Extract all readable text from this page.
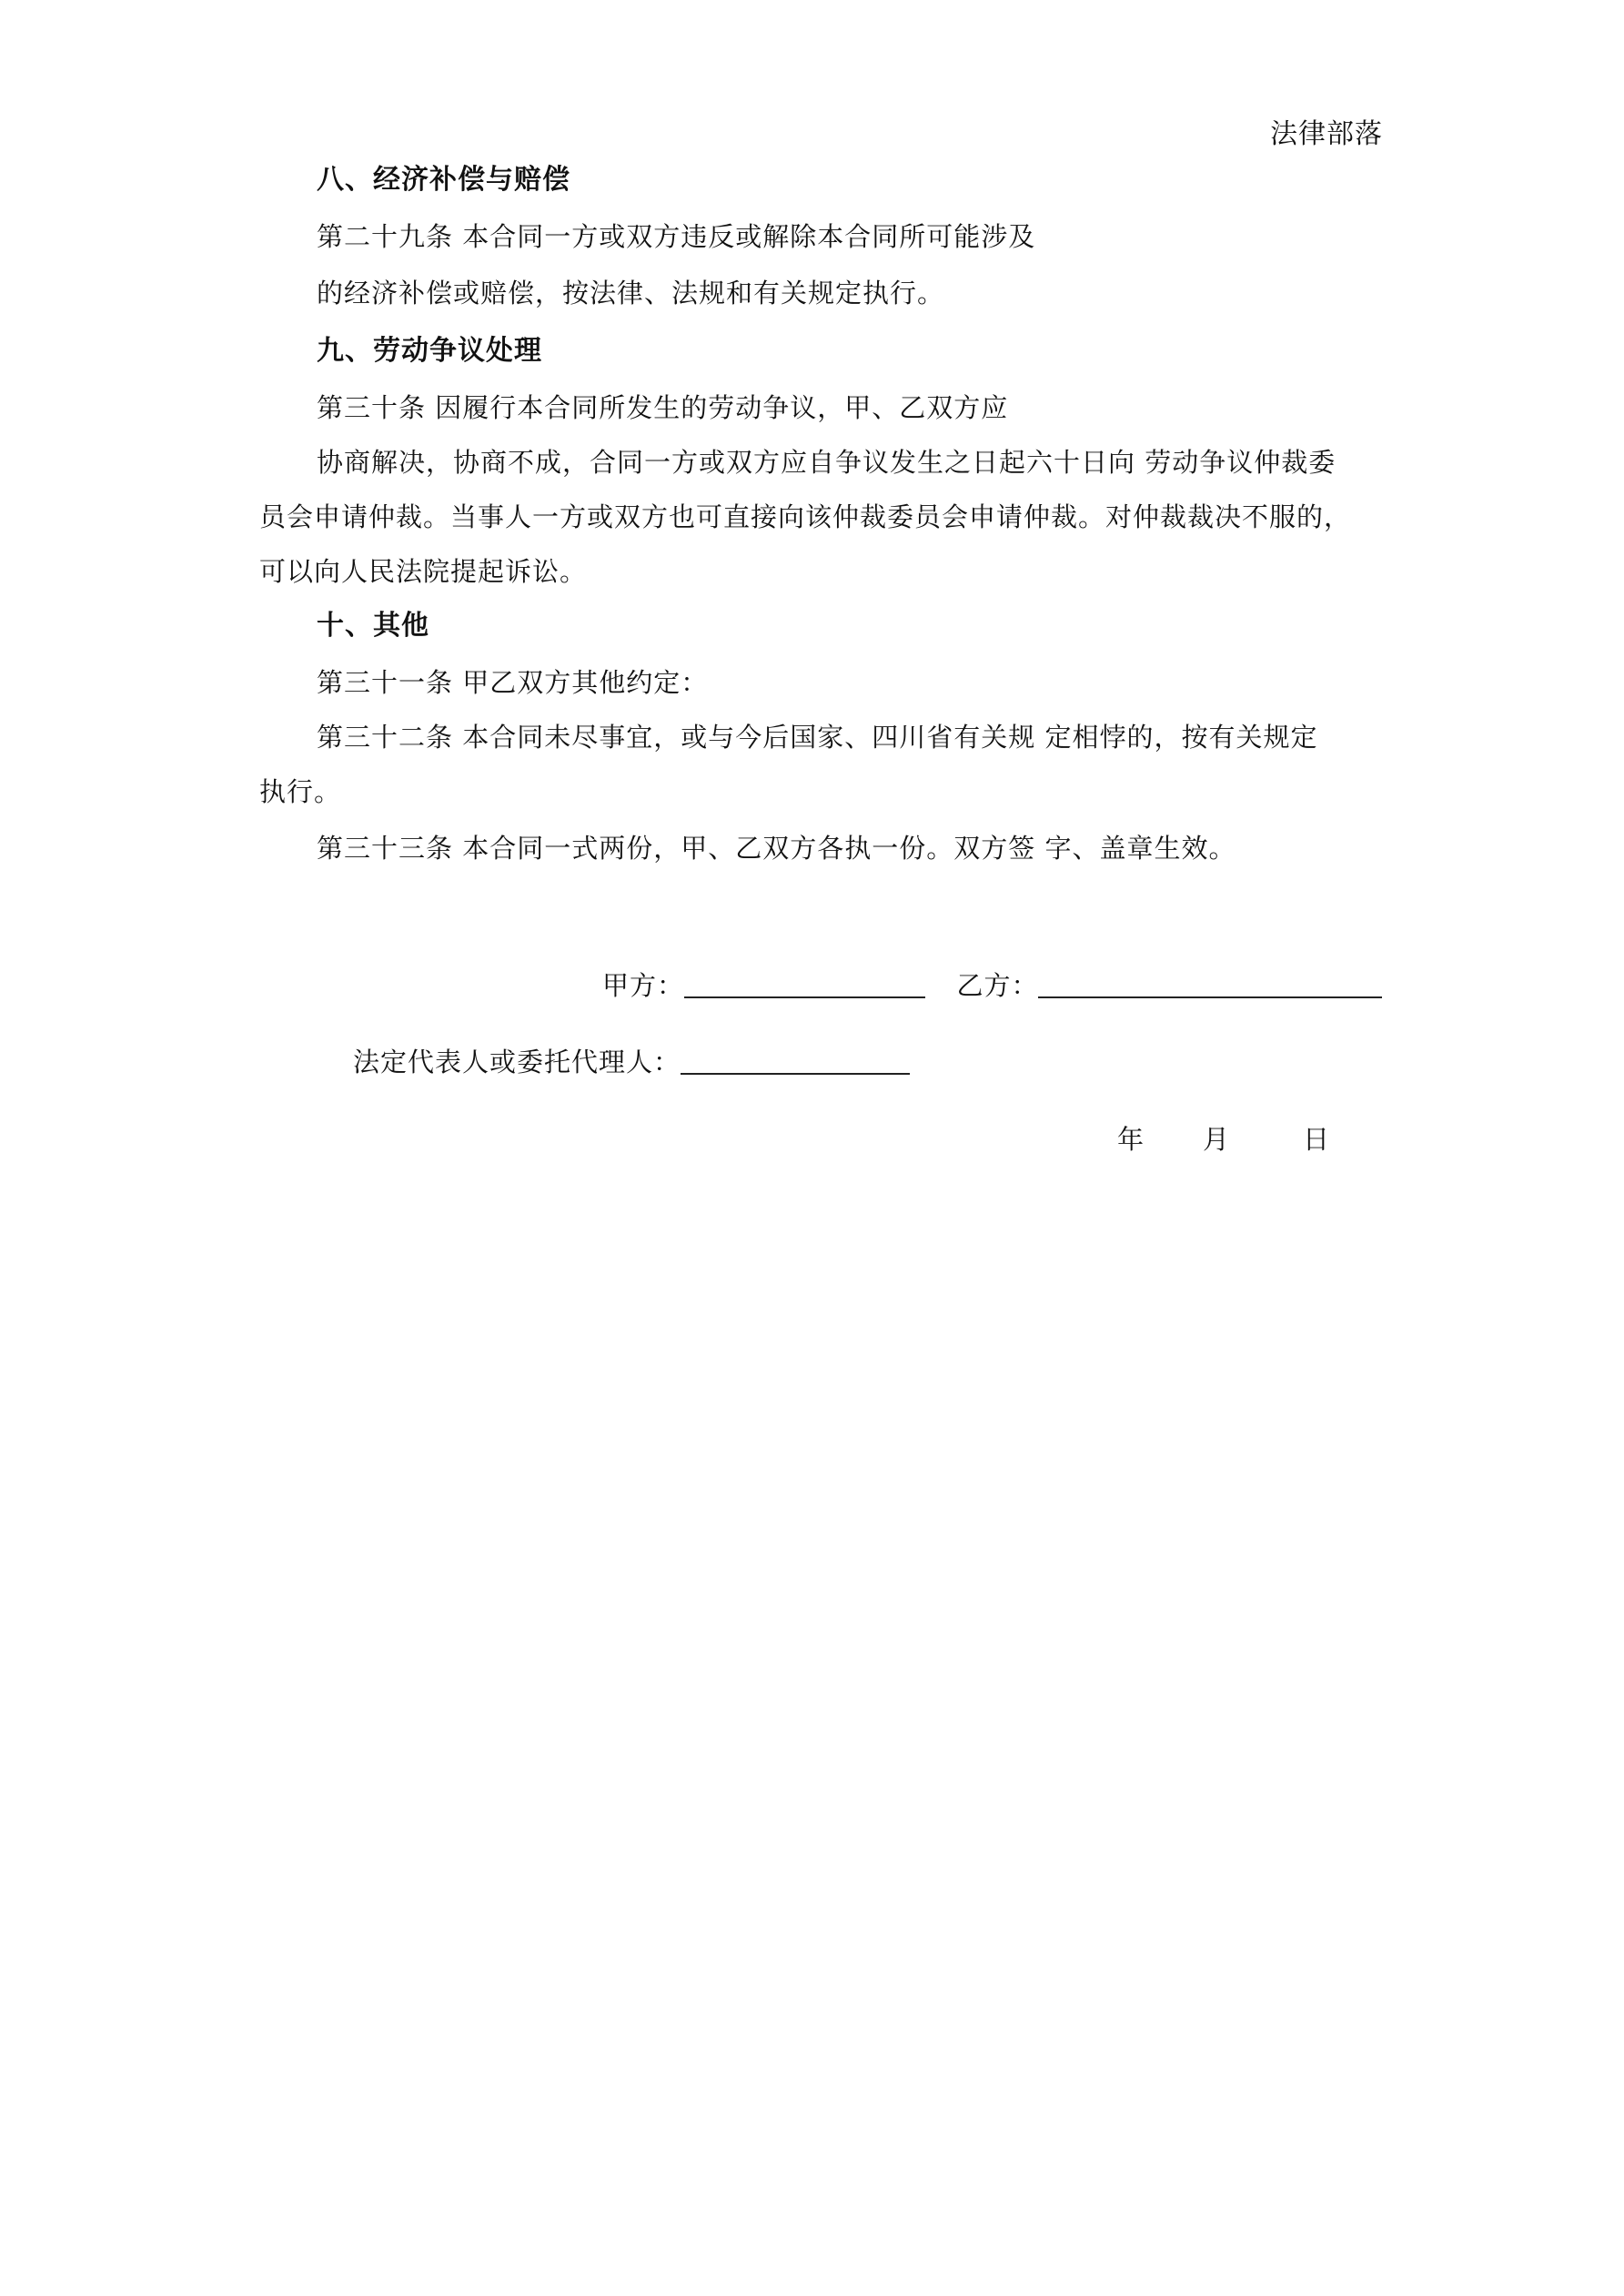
法律部落
八、经济补偿与赔偿
第二十九条 本合同一方或双方违反或解除本合同所可能涉及
的经济补偿或赔偿，按法律、法规和有关规定执行。
九、劳动争议处理
第三十条 因履行本合同所发生的劳动争议，甲、乙双方应
协商解决，协商不成，合同一方或双方应自争议发生之日起六十日向 劳动争议仲裁委
员会申请仲裁。当事人一方或双方也可直接向该仲裁委员会申请仲裁。对仲裁裁决不服的，
可以向人民法院提起诉讼。
十、其他
第三十一条 甲乙双方其他约定：
第三十二条 本合同未尽事宜，或与今后国家、四川省有关规 定相悖的，按有关规定
执行。
第三十三条 本合同一式两份，甲、乙双方各执一份。双方签 字、盖章生效。
甲方：	乙方：
法定代表人或委托代理人：
年 月	日
